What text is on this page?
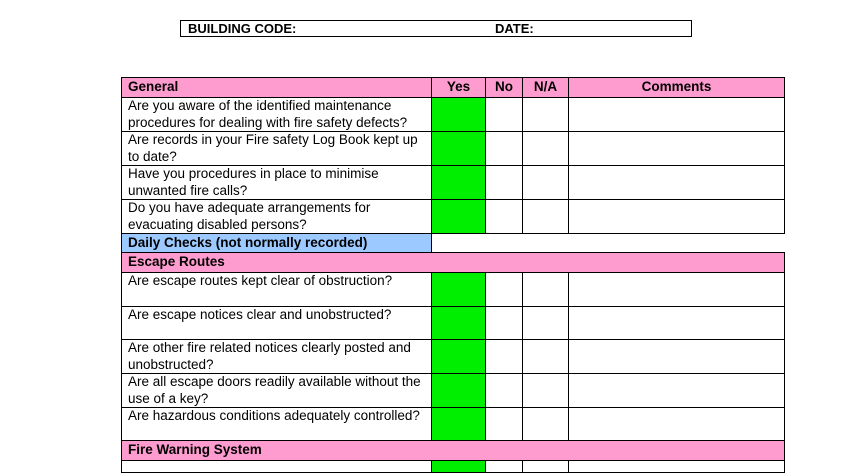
BUILDING CODE:	DATE:
General	Yes	No	N/A	Comments
Are you aware of the identified maintenance procedures for dealing with fire safety defects?				
Are records in your Fire safety Log Book kept up to date?				
Have you procedures in place to minimise unwanted fire calls?				
Do you have adequate arrangements for evacuating disabled persons?				
Daily Checks (not normally recorded)				
Escape Routes				
Are escape routes kept clear of obstruction?				
Are escape notices clear and unobstructed?				
Are other fire related notices clearly posted and unobstructed?				
Are all escape doors readily available without the use of a key?				
Are hazardous conditions adequately controlled?				
Fire Warning System				
